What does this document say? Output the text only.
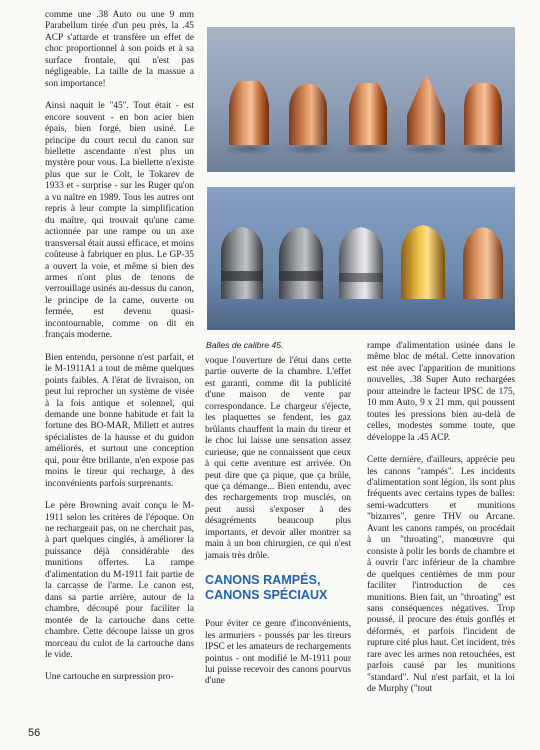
comme une .38 Auto ou une 9 mm Parabellum tirée d'un peu près, la .45 ACP s'attarde et transfère un effet de choc proportionnel à son poids et à sa surface frontale, qui n'est pas négligeable. La taille de la massue a son importance!

Ainsi naquit le "45". Tout était - est encore souvent - en bon acier bien épais, bien forgé, bien usiné. Le principe du court recul du canon sur biellette ascendante n'est plus un mystère pour vous. La biellette n'existe plus que sur le Colt, le Tokarev de 1933 et - surprise - sur les Ruger qu'on a vu naître en 1989. Tous les autres ont repris à leur compte la simplification du maître, qui trouvait qu'une came actionnée par une rampe ou un axe transversal était aussi efficace, et moins coûteuse à fabriquer en plus. Le GP-35 a ouvert la voie, et même si bien des armes n'ont plus de tenons de verrouillage usinés au-dessus du canon, le principe de la came, ouverte ou fermée, est devenu quasi-incontournable, comme on dit en français moderne.

Bien entendu, personne n'est parfait, et le M-1911A1 a tout de même quelques points faibles. A l'état de livraison, on peut lui reprocher un système de visée à la fois antique et solennel, qui demande une bonne habitude et fait la fortune des BO-MAR, Millett et autres spécialistes de la hausse et du guidon améliorés, et surtout une conception qui, pour être brillante, n'en expose pas moins le tireur qui recharge, à des inconvénients parfois surprenants.

Le père Browning avait conçu le M-1911 selon les critères de l'époque. On ne rechargeait pas, on ne cherchait pas, à part quelques cinglés, à améliorer la puissance déjà considérable des munitions offertes. La rampe d'alimentation du M-1911 fait partie de la carcasse de l'arme. Le canon est, dans sa partie arrière, autour de la chambre, découpé pour faciliter la montée de la cartouche dans cette chambre. Cette découpe laisse un gros morceau du culot de la cartouche dans le vide.

Une cartouche en surpression pro-

Balles de calibre 45.

voque l'ouverture de l'étui dans cette partie ouverte de la chambre. L'effet est garanti, comme dit la publicité d'une maison de vente par correspondance. Le chargeur s'éjecte, les plaquettes se fendent, les gaz brûlants chauffent la main du tireur et le choc lui laisse une sensation assez curieuse, que ne connaissent que ceux à qui cette aventure est arrivée. On peut dire que ça pique, que ça brûle, que ça démange... Bien entendu, avec des rechargements trop musclés, on peut aussi s'exposer à des désagréments beaucoup plus importants, et devoir aller montrer sa main à un bon chirurgien, ce qui n'est jamais très drôle.

CANONS RAMPÉS, CANONS SPÉCIAUX

Pour éviter ce genre d'inconvénients, les armuriers - poussés par les tireurs IPSC et les amateurs de rechargements pointus - ont modifié le M-1911 pour lui puisse recevoir des canons pourvus d'une

rampe d'alimentation usinée dans le même bloc de métal. Cette innovation est née avec l'apparition de munitions nouvelles, .38 Super Auto rechargées pour atteindre le facteur IPSC de 175, 10 mm Auto, 9 x 21 mm, qui poussent toutes les pressions bien au-delà de celles, modestes somme toute, que développe la .45 ACP.

Cette dernière, d'ailleurs, apprécie peu les canons "rampés". Les incidents d'alimentation sont légion, ils sont plus fréquents avec certains types de balles: semi-wadcutters et munitions "bizarres", genre THV ou Arcane. Avant les canons rampés, on procédait à un "throating", manœuvre qui consiste à polir les bords de chambre et à ouvrir l'arc inférieur de la chambre de quelques centièmes de mm pour faciliter l'introduction de ces munitions. Bien fait, un "throating" est sans conséquences négatives. Trop poussé, il procure des étuis gonflés et déformés, et parfois l'incident de rupture cité plus haut. Cet incident, très rare avec les armes non retouchées, est parfois causé par les munitions "standard". Nul n'est parfait, et la loi de Murphy ("tout

56
